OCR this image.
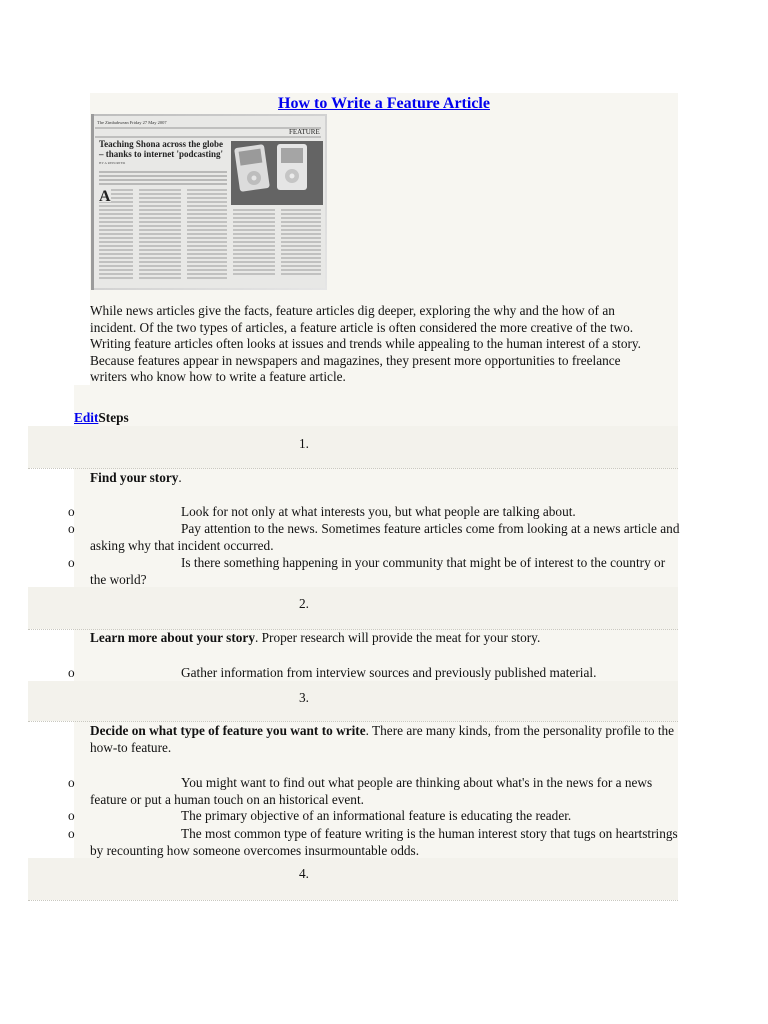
How to Write a Feature Article
The Zimbabwean Friday 27 May 2007
FEATURE
Teaching Shona across the globe
– thanks to internet 'podcasting'
BY A REPORTER
A

While news articles give the facts, feature articles dig deeper, exploring the why and the how of an incident. Of the two types of articles, a feature article is often considered the more creative of the two. Writing feature articles often looks at issues and trends while appealing to the human interest of a story. Because features appear in newspapers and magazines, they present more opportunities to freelance writers who know how to write a feature article.

EditSteps
1.
Find your story.
o	Look for not only at what interests you, but what people are talking about.
o	Pay attention to the news. Sometimes feature articles come from looking at a news article and asking why that incident occurred.
o	Is there something happening in your community that might be of interest to the country or the world?
2.
Learn more about your story. Proper research will provide the meat for your story.
o	Gather information from interview sources and previously published material.
3.
Decide on what type of feature you want to write. There are many kinds, from the personality profile to the how-to feature.
o	You might want to find out what people are thinking about what's in the news for a news feature or put a human touch on an historical event.
o	The primary objective of an informational feature is educating the reader.
o	The most common type of feature writing is the human interest story that tugs on heartstrings by recounting how someone overcomes insurmountable odds.
4.
